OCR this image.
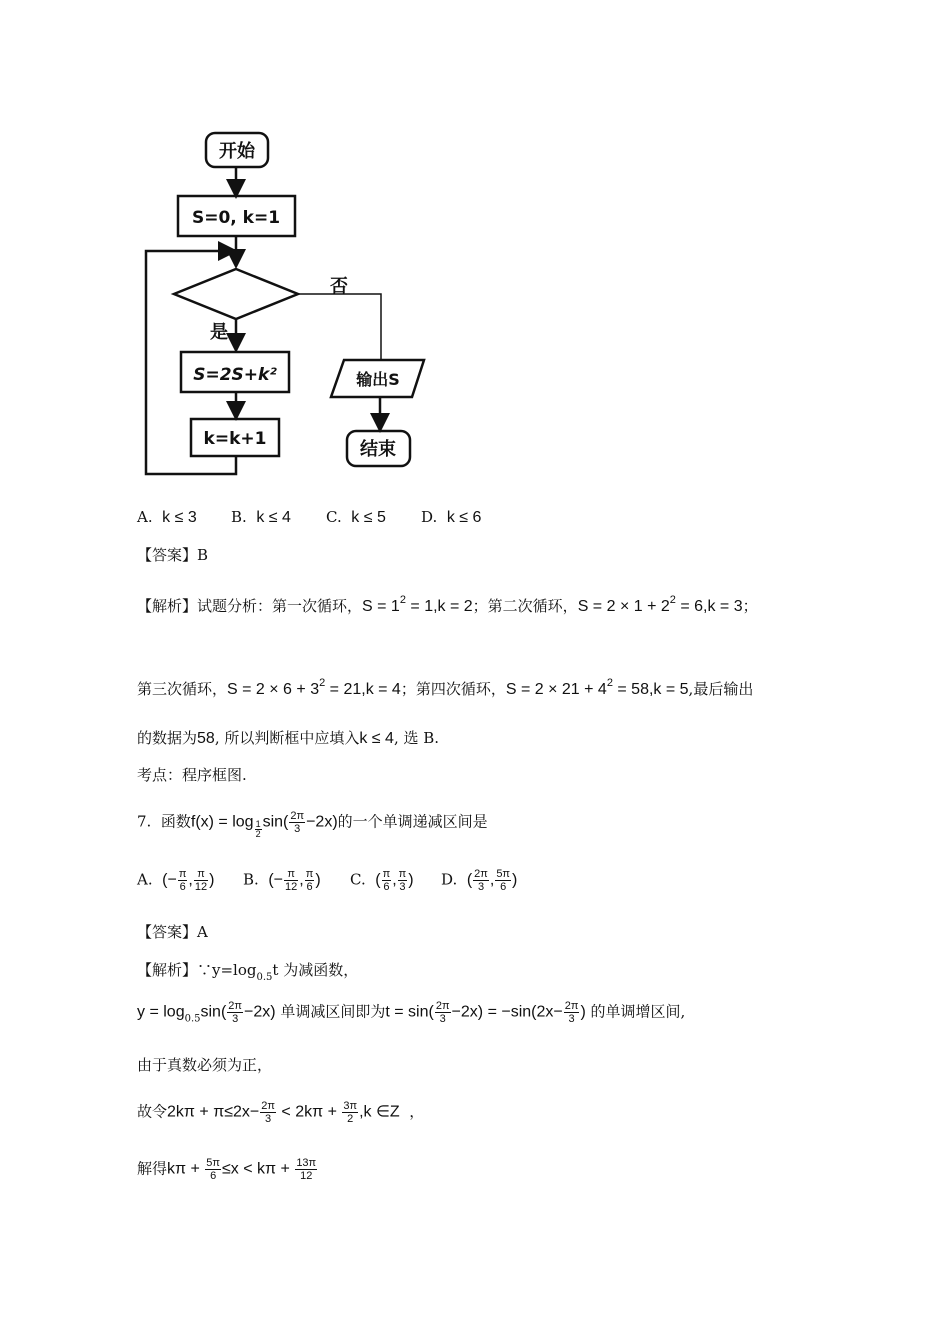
开始
S=0, k=1
否
是
S=2S+k²
k=k+1
输出S
结束
A. k ≤ 3 B. k ≤ 4 C. k ≤ 5 D. k ≤ 6
【答案】B
【解析】试题分析：第一次循环，$S = 1^2 = 1,k = 2$；第二次循环，$S = 2 \times 1 + 2^2 = 6,k = 3$；
第三次循环，$S = 2 \times 6 + 3^2 = 21,k = 4$；第四次循环，$S = 2 \times 21 + 4^2 = 58,k = 5$,最后输出
的数据为58, 所以判断框中应填入k ≤ 4, 选 B.
考点：程序框图.
7. 函数$f(x) = \log \frac{1}{2} \sin( \frac{2\pi}{3} -2x)$的一个单调递减区间是
A. (− $\frac{\pi}{6}$ , $\frac{\pi}{12}$ ) B. (− $\frac{\pi}{12}$ , $\frac{\pi}{6}$ ) C. ( $\frac{\pi}{6}$ , $\frac{\pi}{3}$ ) D. ( $\frac{2\pi}{3}$ , $\frac{5\pi}{6}$ )
【答案】A
【解析】$\because y=\log_{0.5}t$ 为减函数，
$y = \log_{0.5}\sin( \frac{2\pi}{3} -2x)$ 单调减区间即为$t = \sin( \frac{2\pi}{3} -2x) = -\sin(2x- \frac{2\pi}{3}$ ) 的单调增区间,
由于真数必须为正，
故令$2k\pi + \pi\le 2x- \frac{2\pi}{3} < 2k\pi + \frac{3\pi}{2} ,k$ ∈Z ，
解得$k\pi + \frac{5\pi}{6} \le x < k\pi + \frac{13\pi}{12}$
